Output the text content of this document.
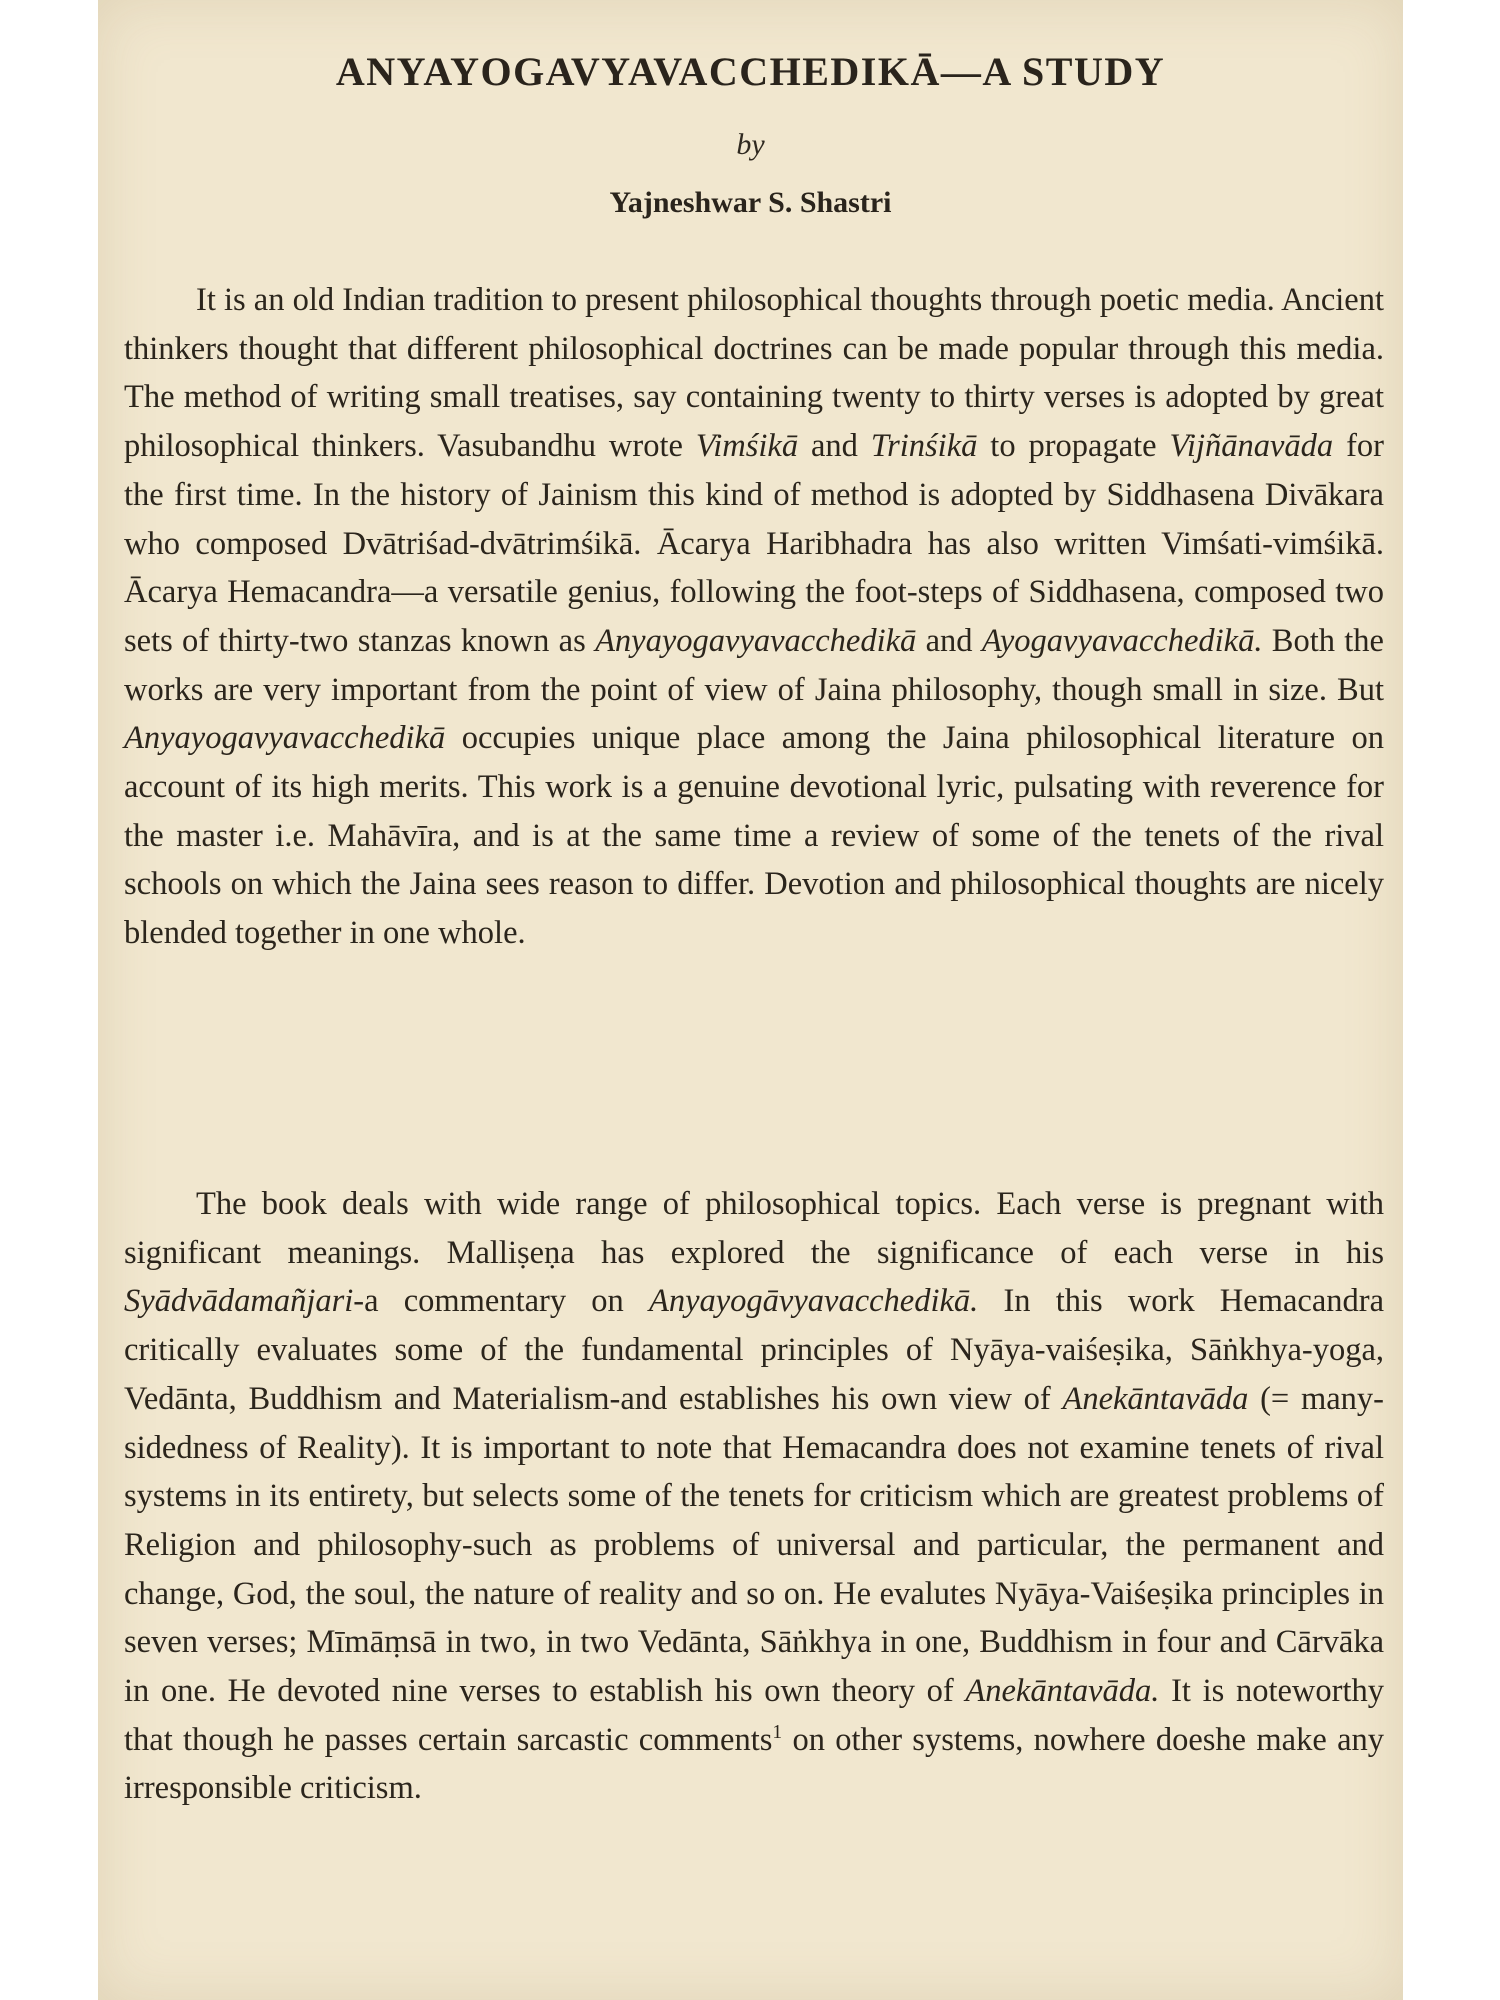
ANYAYOGAVYAVACCHEDIKĀ—A STUDY
by
Yajneshwar S. Shastri

It is an old Indian tradition to present philosophical thoughts through poetic media. Ancient thinkers thought that different philosophical doctrines can be made popular through this media. The method of writing small treatises, say containing twenty to thirty verses is adopted by great philosophical thinkers. Vasubandhu wrote Vimśikā and Trinśikā to propagate Vijñānavāda for the first time. In the history of Jainism this kind of method is adopted by Siddhasena Divākara who composed Dvātriśad-dvātrimśikā. Ācarya Haribhadra has also written Vimśati-vimśikā. Ācarya Hemacandra—a versatile genius, following the foot-steps of Siddhasena, composed two sets of thirty-two stanzas known as Anyayogavyavacchedikā and Ayogavyavacchedikā. Both the works are very important from the point of view of Jaina philosophy, though small in size. But Anyayogavyavacchedikā occupies unique place among the Jaina philosophical literature on account of its high merits. This work is a genuine devotional lyric, pulsating with reverence for the master i.e. Mahāvīra, and is at the same time a review of some of the tenets of the rival schools on which the Jaina sees reason to differ. Devotion and philosophical thoughts are nicely blended together in one whole.

The book deals with wide range of philosophical topics. Each verse is pregnant with significant meanings. Malliṣeṇa has explored the significance of each verse in his Syādvādamañjari-a commentary on Anyayogāvyavacchedikā. In this work Hemacandra critically evaluates some of the fundamental principles of Nyāya-vaiśeṣika, Sāṅkhya-yoga, Vedānta, Buddhism and Materialism-and establishes his own view of Anekāntavāda (= many-sidedness of Reality). It is important to note that Hemacandra does not examine tenets of rival systems in its entirety, but selects some of the tenets for criticism which are greatest problems of Religion and philosophy-such as problems of universal and particular, the permanent and change, God, the soul, the nature of reality and so on. He evalutes Nyāya-Vaiśeṣika principles in seven verses; Mīmāṃsā in two, in two Vedānta, Sāṅkhya in one, Buddhism in four and Cārvāka in one. He devoted nine verses to establish his own theory of Anekāntavāda. It is noteworthy that though he passes certain sarcastic comments$^1$ on other systems, nowhere doeshe make any irresponsible criticism.
